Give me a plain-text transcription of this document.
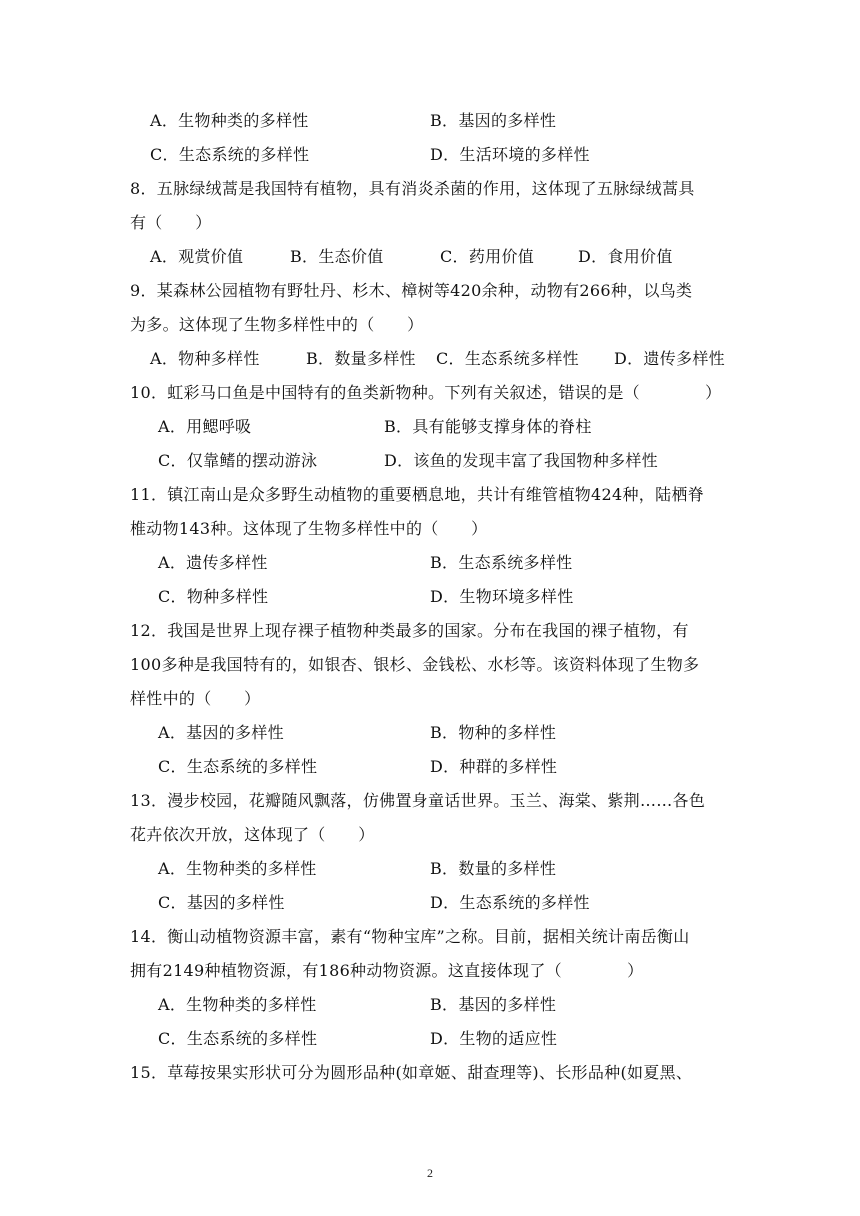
A．生物种类的多样性	B．基因的多样性
C．生态系统的多样性	D．生活环境的多样性
8．五脉绿绒蒿是我国特有植物，具有消炎杀菌的作用，这体现了五脉绿绒蒿具
有（　　）
A．观赏价值	B．生态价值	C．药用价值	D．食用价值
9．某森林公园植物有野牡丹、杉木、樟树等420余种，动物有266种，以鸟类
为多。这体现了生物多样性中的（　　）
A．物种多样性	B．数量多样性 C．生态系统多样性 D．遗传多样性
10．虹彩马口鱼是中国特有的鱼类新物种。下列有关叙述，错误的是（　　　　）
A．用鳃呼吸	B．具有能够支撑身体的脊柱
C．仅靠鳍的摆动游泳	D．该鱼的发现丰富了我国物种多样性
11．镇江南山是众多野生动植物的重要栖息地，共计有维管植物424种，陆栖脊
椎动物143种。这体现了生物多样性中的（　　）
A．遗传多样性	B．生态系统多样性
C．物种多样性	D．生物环境多样性
12．我国是世界上现存裸子植物种类最多的国家。分布在我国的裸子植物，有
100多种是我国特有的，如银杏、银杉、金钱松、水杉等。该资料体现了生物多
样性中的（　　）
A．基因的多样性	B．物种的多样性
C．生态系统的多样性	D．种群的多样性
13．漫步校园，花瓣随风飘落，仿佛置身童话世界。玉兰、海棠、紫荆……各色
花卉依次开放，这体现了（　　）
A．生物种类的多样性	B．数量的多样性
C．基因的多样性	D．生态系统的多样性
14．衡山动植物资源丰富，素有“物种宝库”之称。目前，据相关统计南岳衡山
拥有2149种植物资源，有186种动物资源。这直接体现了（　　　　）
A．生物种类的多样性	B．基因的多样性
C．生态系统的多样性	D．生物的适应性
15．草莓按果实形状可分为圆形品种(如章姬、甜查理等)、长形品种(如夏黑、
2
